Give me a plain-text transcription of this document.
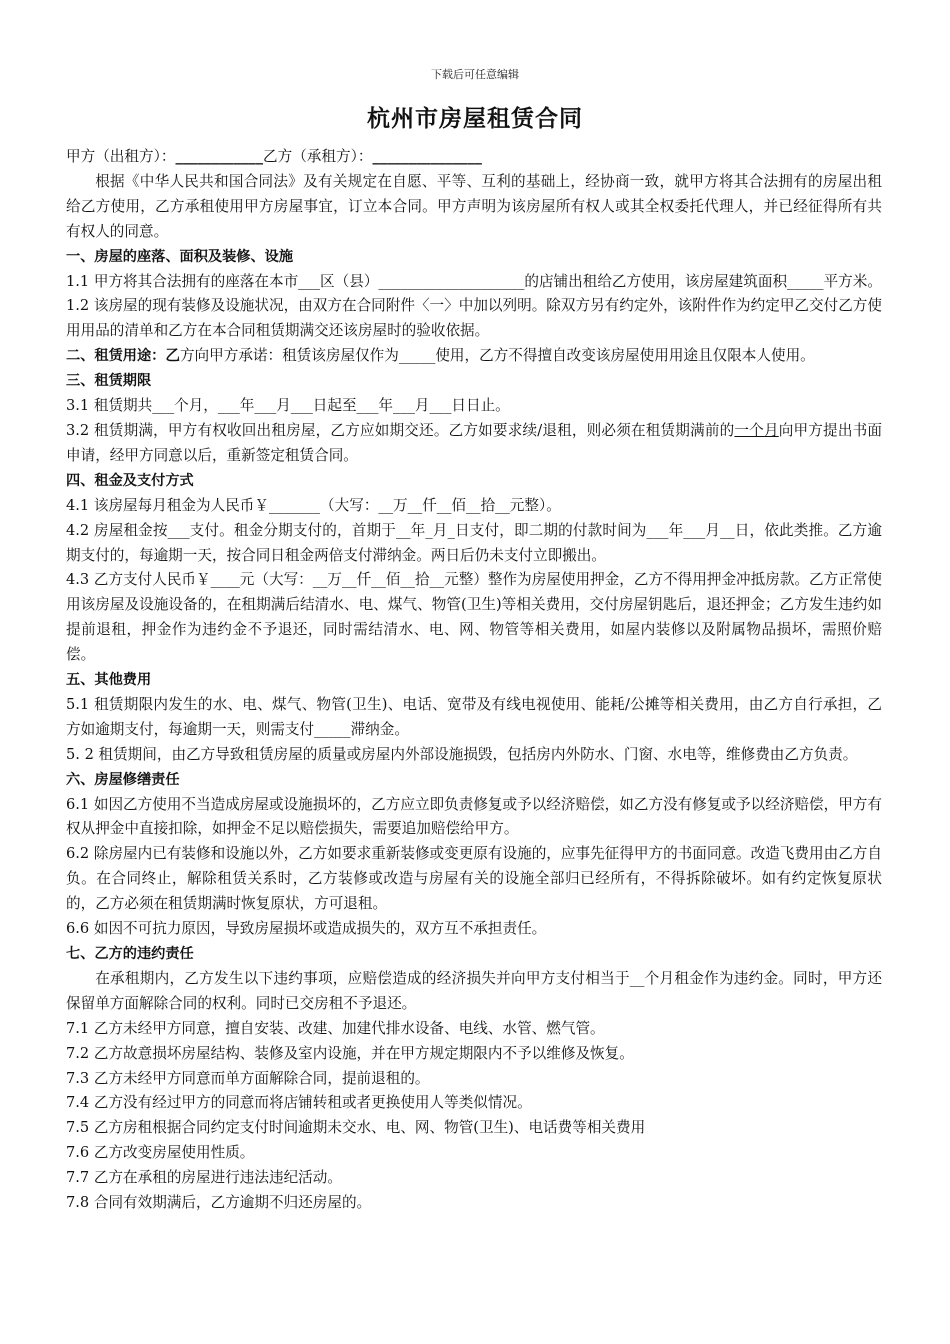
下载后可任意编辑
杭州市房屋租赁合同

甲方（出租方）：____________乙方（承租方）：_______________

根据《中华人民共和国合同法》及有关规定在自愿、平等、互利的基础上，经协商一致，就甲方将其合法拥有的房屋出租给乙方使用，乙方承租使用甲方房屋事宜，订立本合同。甲方声明为该房屋所有权人或其全权委托代理人，并已经征得所有共有权人的同意。

一、房屋的座落、面积及装修、设施

1.1 甲方将其合法拥有的座落在本市___区（县）____________________的店铺出租给乙方使用，该房屋建筑面积_____平方米。

1.2 该房屋的现有装修及设施状况，由双方在合同附件〈一〉中加以列明。除双方另有约定外，该附件作为约定甲乙交付乙方使用用品的清单和乙方在本合同租赁期满交还该房屋时的验收依据。

二、租赁用途：乙方向甲方承诺：租赁该房屋仅作为_____使用，乙方不得擅自改变该房屋使用用途且仅限本人使用。

三、租赁期限

3.1 租赁期共___个月，___年___月___日起至___年___月___日日止。

3.2 租赁期满，甲方有权收回出租房屋，乙方应如期交还。乙方如要求续/退租，则必须在租赁期满前的一个月向甲方提出书面申请，经甲方同意以后，重新签定租赁合同。

四、租金及支付方式

4.1 该房屋每月租金为人民币￥_______（大写：__万__仟__佰__拾__元整）。

4.2 房屋租金按___支付。租金分期支付的，首期于__年_月_日支付，即二期的付款时间为___年___月__日，依此类推。乙方逾期支付的，每逾期一天，按合同日租金两倍支付滞纳金。两日后仍未支付立即搬出。

4.3 乙方支付人民币￥____元（大写：__万__仟__佰__拾__元整）整作为房屋使用押金，乙方不得用押金冲抵房款。乙方正常使用该房屋及设施设备的，在租期满后结清水、电、煤气、物管(卫生)等相关费用，交付房屋钥匙后，退还押金；乙方发生违约如提前退租，押金作为违约金不予退还，同时需结清水、电、网、物管等相关费用，如屋内装修以及附属物品损坏，需照价赔偿。

五、其他费用

5.1 租赁期限内发生的水、电、煤气、物管(卫生)、电话、宽带及有线电视使用、能耗/公摊等相关费用，由乙方自行承担，乙方如逾期支付，每逾期一天，则需支付_____滞纳金。

5. 2 租赁期间，由乙方导致租赁房屋的质量或房屋内外部设施损毁，包括房内外防水、门窗、水电等，维修费由乙方负责。

六、房屋修缮责任

6.1 如因乙方使用不当造成房屋或设施损坏的，乙方应立即负责修复或予以经济赔偿，如乙方没有修复或予以经济赔偿，甲方有权从押金中直接扣除，如押金不足以赔偿损失，需要追加赔偿给甲方。

6.2 除房屋内已有装修和设施以外，乙方如要求重新装修或变更原有设施的，应事先征得甲方的书面同意。改造飞费用由乙方自负。在合同终止，解除租赁关系时，乙方装修或改造与房屋有关的设施全部归已经所有，不得拆除破坏。如有约定恢复原状的，乙方必须在租赁期满时恢复原状，方可退租。

6.6 如因不可抗力原因，导致房屋损坏或造成损失的，双方互不承担责任。

七、乙方的违约责任

在承租期内，乙方发生以下违约事项，应赔偿造成的经济损失并向甲方支付相当于__个月租金作为违约金。同时，甲方还保留单方面解除合同的权利。同时已交房租不予退还。

7.1 乙方未经甲方同意，擅自安装、改建、加建代排水设备、电线、水管、燃气管。

7.2 乙方故意损坏房屋结构、装修及室内设施，并在甲方规定期限内不予以维修及恢复。

7.3 乙方未经甲方同意而单方面解除合同，提前退租的。

7.4 乙方没有经过甲方的同意而将店铺转租或者更换使用人等类似情况。

7.5 乙方房租根据合同约定支付时间逾期未交水、电、网、物管(卫生)、电话费等相关费用

7.6 乙方改变房屋使用性质。

7.7 乙方在承租的房屋进行违法违纪活动。

7.8 合同有效期满后，乙方逾期不归还房屋的。
